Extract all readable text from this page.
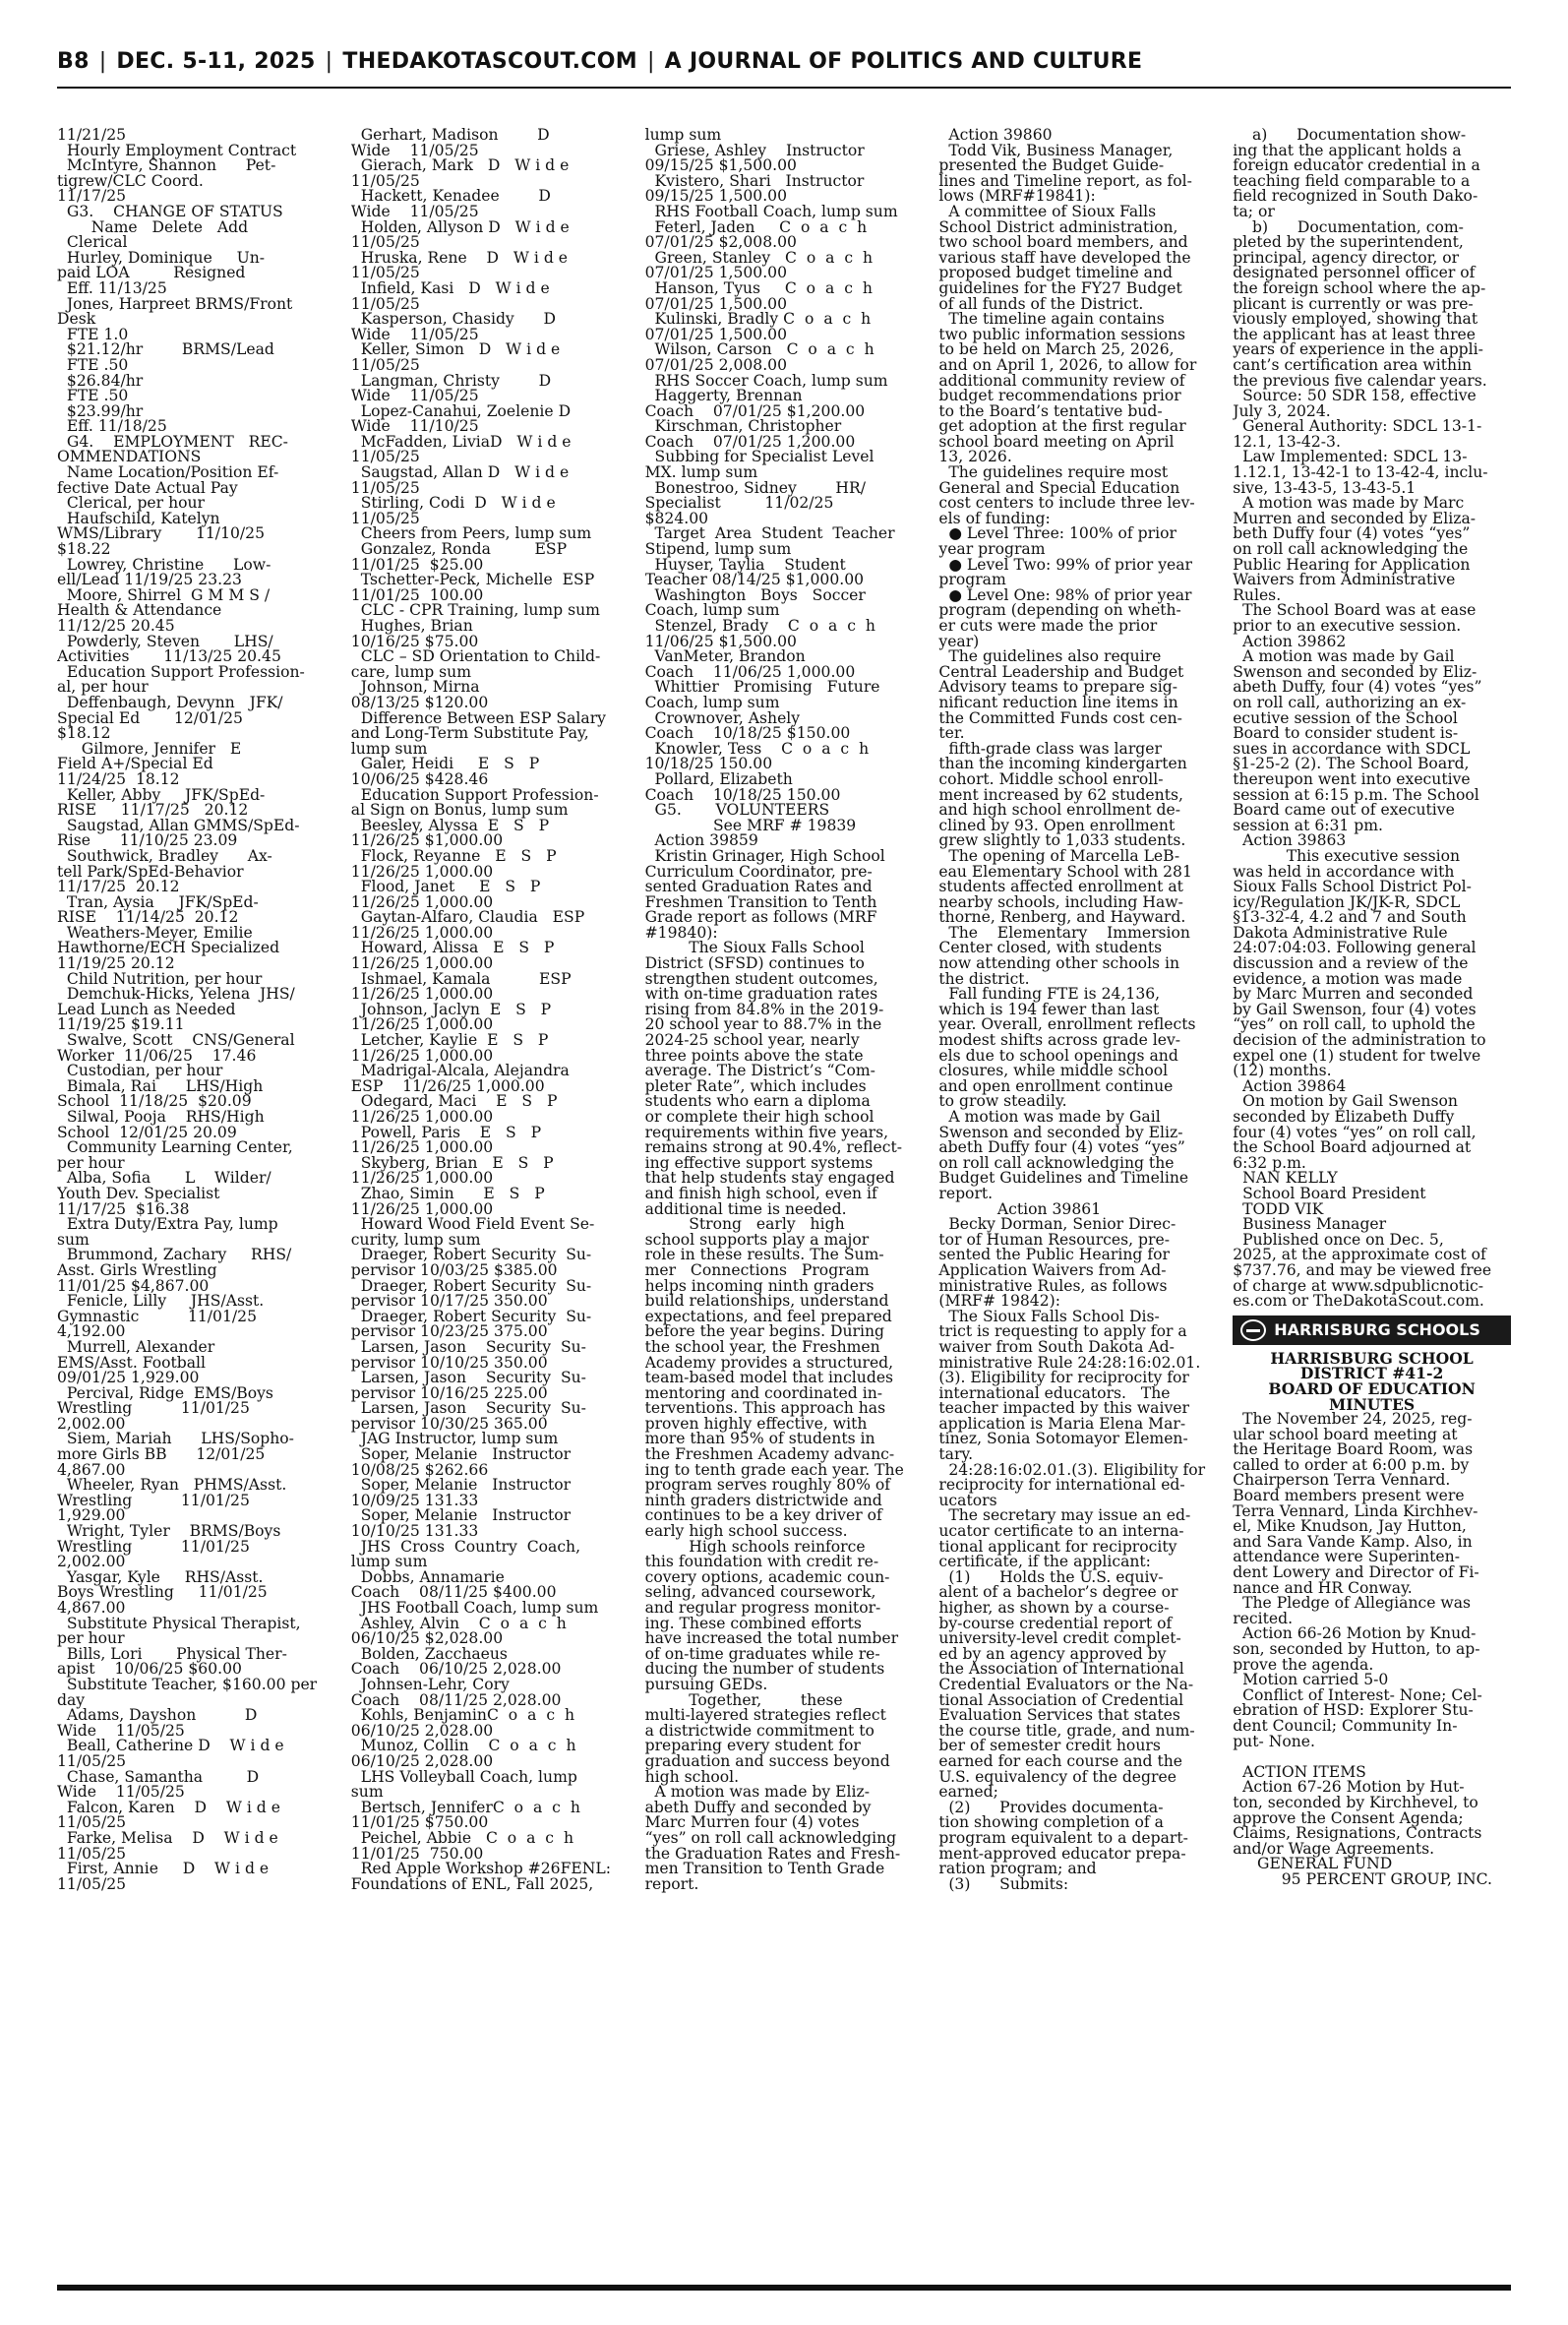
B8 | DEC. 5-11, 2025 | THEDAKOTASCOUT.COM | A JOURNAL OF POLITICS AND CULTURE
11/21/25
Hourly Employment Contract
McIntyre, Shannon      Pet-
tigrew/CLC Coord.
11/17/25
G3.    CHANGE OF STATUS
Name   Delete   Add
Clerical
Hurley, Dominique     Un-
paid LOA         Resigned
Eff. 11/13/25
Jones, Harpreet BRMS/Front
Desk
FTE 1.0
$21.12/hr        BRMS/Lead
FTE .50
$26.84/hr
FTE .50
$23.99/hr
Eff. 11/18/25
G4.    EMPLOYMENT   REC-
OMMENDATIONS
Name Location/Position Ef-
fective Date Actual Pay
Clerical, per hour
Haufschild, Katelyn
WMS/Library       11/10/25
$18.22
Lowrey, Christine      Low-
ell/Lead 11/19/25 23.23
Moore, Shirrel  G M M S /
Health & Attendance
11/12/25 20.45
Powderly, Steven       LHS/
Activities       11/13/25 20.45
Education Support Profession-
al, per hour
Deffenbaugh, Devynn   JFK/
Special Ed       12/01/25
$18.12
Gilmore, Jennifer   E
Field A+/Special Ed
11/24/25  18.12
Keller, Abby     JFK/SpEd-
RISE     11/17/25   20.12
Saugstad, Allan GMMS/SpEd-
Rise      11/10/25 23.09
Southwick, Bradley      Ax-
tell Park/SpEd-Behavior
11/17/25  20.12
Tran, Aysia     JFK/SpEd-
RISE    11/14/25  20.12
Weathers-Meyer, Emilie
Hawthorne/ECH Specialized
11/19/25 20.12
Child Nutrition, per hour
Demchuk-Hicks, Yelena  JHS/
Lead Lunch as Needed
11/19/25 $19.11
Swalve, Scott    CNS/General
Worker  11/06/25    17.46
Custodian, per hour
Bimala, Rai      LHS/High
School  11/18/25  $20.09
Silwal, Pooja    RHS/High
School  12/01/25 20.09
Community Learning Center,
per hour
Alba, Sofia       L    Wilder/
Youth Dev. Specialist
11/17/25  $16.38
Extra Duty/Extra Pay, lump
sum
Brummond, Zachary     RHS/
Asst. Girls Wrestling
11/01/25 $4,867.00
Fenicle, Lilly     JHS/Asst.
Gymnastic          11/01/25
4,192.00
Murrell, Alexander
EMS/Asst. Football
09/01/25 1,929.00
Percival, Ridge  EMS/Boys
Wrestling          11/01/25
2,002.00
Siem, Mariah      LHS/Sopho-
more Girls BB      12/01/25
4,867.00
Wheeler, Ryan   PHMS/Asst.
Wrestling          11/01/25
1,929.00
Wright, Tyler    BRMS/Boys
Wrestling          11/01/25
2,002.00
Yasgar, Kyle     RHS/Asst.
Boys Wrestling     11/01/25
4,867.00
Substitute Physical Therapist,
per hour
Bills, Lori       Physical Ther-
apist    10/06/25 $60.00
Substitute Teacher, $160.00 per
day
Adams, Dayshon          D
Wide    11/05/25
Beall, Catherine D    W i d e
11/05/25
Chase, Samantha         D
Wide    11/05/25
Falcon, Karen    D    W i d e
11/05/25
Farke, Melisa    D    W i d e
11/05/25
First, Annie     D    W i d e
11/05/25
Gerhart, Madison        D
Wide    11/05/25
Gierach, Mark   D   W i d e
11/05/25
Hackett, Kenadee        D
Wide    11/05/25
Holden, Allyson D   W i d e
11/05/25
Hruska, Rene    D   W i d e
11/05/25
Infield, Kasi   D   W i d e
11/05/25
Kasperson, Chasidy      D
Wide    11/05/25
Keller, Simon   D   W i d e
11/05/25
Langman, Christy        D
Wide    11/05/25
Lopez-Canahui, Zoelenie D
Wide    11/10/25
McFadden, LiviaD   W i d e
11/05/25
Saugstad, Allan D   W i d e
11/05/25
Stirling, Codi  D   W i d e
11/05/25
Cheers from Peers, lump sum
Gonzalez, Ronda         ESP
11/01/25  $25.00
Tschetter-Peck, Michelle  ESP
11/01/25  100.00
CLC - CPR Training, lump sum
Hughes, Brian
10/16/25 $75.00
CLC – SD Orientation to Child-
care, lump sum
Johnson, Mirna
08/13/25 $120.00
Difference Between ESP Salary
and Long-Term Substitute Pay,
lump sum
Galer, Heidi     E   S   P
10/06/25 $428.46
Education Support Profession-
al Sign on Bonus, lump sum
Beesley, Alyssa  E   S   P
11/26/25 $1,000.00
Flock, Reyanne   E   S   P
11/26/25 1,000.00
Flood, Janet     E   S   P
11/26/25 1,000.00
Gaytan-Alfaro, Claudia   ESP
11/26/25 1,000.00
Howard, Alissa   E   S   P
11/26/25 1,000.00
Ishmael, Kamala          ESP
11/26/25 1,000.00
Johnson, Jaclyn  E   S   P
11/26/25 1,000.00
Letcher, Kaylie  E   S   P
11/26/25 1,000.00
Madrigal-Alcala, Alejandra
ESP    11/26/25 1,000.00
Odegard, Maci    E   S   P
11/26/25 1,000.00
Powell, Paris    E   S   P
11/26/25 1,000.00
Skyberg, Brian   E   S   P
11/26/25 1,000.00
Zhao, Simin      E   S   P
11/26/25 1,000.00
Howard Wood Field Event Se-
curity, lump sum
Draeger, Robert Security  Su-
pervisor 10/03/25 $385.00
Draeger, Robert Security  Su-
pervisor 10/17/25 350.00
Draeger, Robert Security  Su-
pervisor 10/23/25 375.00
Larsen, Jason    Security  Su-
pervisor 10/10/25 350.00
Larsen, Jason    Security  Su-
pervisor 10/16/25 225.00
Larsen, Jason    Security  Su-
pervisor 10/30/25 365.00
JAG Instructor, lump sum
Soper, Melanie   Instructor
10/08/25 $262.66
Soper, Melanie   Instructor
10/09/25 131.33
Soper, Melanie   Instructor
10/10/25 131.33
JHS  Cross  Country  Coach,
lump sum
Dobbs, Annamarie
Coach    08/11/25 $400.00
JHS Football Coach, lump sum
Ashley, Alvin    C  o  a  c  h
06/10/25 $2,028.00
Bolden, Zacchaeus
Coach    06/10/25 2,028.00
Johnsen-Lehr, Cory
Coach    08/11/25 2,028.00
Kohls, BenjaminC  o  a  c  h
06/10/25 2,028.00
Munoz, Collin    C  o  a  c  h
06/10/25 2,028.00
LHS Volleyball Coach, lump
sum
Bertsch, JenniferC  o  a  c  h
11/01/25 $750.00
Peichel, Abbie   C  o  a  c  h
11/01/25  750.00
Red Apple Workshop #26FENL:
Foundations of ENL, Fall 2025,
lump sum
Griese, Ashley    Instructor
09/15/25 $1,500.00
Kvistero, Shari   Instructor
09/15/25 1,500.00
RHS Football Coach, lump sum
Feterl, Jaden     C  o  a  c  h
07/01/25 $2,008.00
Green, Stanley   C  o  a  c  h
07/01/25 1,500.00
Hanson, Tyus     C  o  a  c  h
07/01/25 1,500.00
Kulinski, Bradly C  o  a  c  h
07/01/25 1,500.00
Wilson, Carson   C  o  a  c  h
07/01/25 2,008.00
RHS Soccer Coach, lump sum
Haggerty, Brennan
Coach    07/01/25 $1,200.00
Kirschman, Christopher
Coach    07/01/25 1,200.00
Subbing for Specialist Level
MX. lump sum
Bonestroo, Sidney        HR/
Specialist         11/02/25
$824.00
Target  Area  Student  Teacher
Stipend, lump sum
Huyser, Taylia    Student
Teacher 08/14/25 $1,000.00
Washington   Boys   Soccer
Coach, lump sum
Stenzel, Brady    C  o  a  c  h
11/06/25 $1,500.00
VanMeter, Brandon
Coach    11/06/25 1,000.00
Whittier   Promising   Future
Coach, lump sum
Crownover, Ashely
Coach    10/18/25 $150.00
Knowler, Tess    C  o  a  c  h
10/18/25 150.00
Pollard, Elizabeth
Coach    10/18/25 150.00
G5.       VOLUNTEERS
See MRF # 19839
Action 39859
Kristin Grinager, High School
Curriculum Coordinator, pre-
sented Graduation Rates and
Freshmen Transition to Tenth
Grade report as follows (MRF
#19840):
The Sioux Falls School
District (SFSD) continues to
strengthen student outcomes,
with on-time graduation rates
rising from 84.8% in the 2019-
20 school year to 88.7% in the
2024-25 school year, nearly
three points above the state
average. The District’s “Com-
pleter Rate”, which includes
students who earn a diploma
or complete their high school
requirements within five years,
remains strong at 90.4%, reflect-
ing effective support systems
that help students stay engaged
and finish high school, even if
additional time is needed.
Strong   early   high
school supports play a major
role in these results. The Sum-
mer   Connections   Program
helps incoming ninth graders
build relationships, understand
expectations, and feel prepared
before the year begins. During
the school year, the Freshmen
Academy provides a structured,
team-based model that includes
mentoring and coordinated in-
terventions. This approach has
proven highly effective, with
more than 95% of students in
the Freshmen Academy advanc-
ing to tenth grade each year. The
program serves roughly 80% of
ninth graders districtwide and
continues to be a key driver of
early high school success.
High schools reinforce
this foundation with credit re-
covery options, academic coun-
seling, advanced coursework,
and regular progress monitor-
ing. These combined efforts
have increased the total number
of on-time graduates while re-
ducing the number of students
pursuing GEDs.
Together,        these
multi-layered strategies reflect
a districtwide commitment to
preparing every student for
graduation and success beyond
high school.
A motion was made by Eliz-
abeth Duffy and seconded by
Marc Murren four (4) votes
“yes” on roll call acknowledging
the Graduation Rates and Fresh-
men Transition to Tenth Grade
report.
Action 39860
Todd Vik, Business Manager,
presented the Budget Guide-
lines and Timeline report, as fol-
lows (MRF#19841):
A committee of Sioux Falls
School District administration,
two school board members, and
various staff have developed the
proposed budget timeline and
guidelines for the FY27 Budget
of all funds of the District.
The timeline again contains
two public information sessions
to be held on March 25, 2026,
and on April 1, 2026, to allow for
additional community review of
budget recommendations prior
to the Board’s tentative bud-
get adoption at the first regular
school board meeting on April
13, 2026.
The guidelines require most
General and Special Education
cost centers to include three lev-
els of funding:
● Level Three: 100% of prior
year program
● Level Two: 99% of prior year
program
● Level One: 98% of prior year
program (depending on wheth-
er cuts were made the prior
year)
The guidelines also require
Central Leadership and Budget
Advisory teams to prepare sig-
nificant reduction line items in
the Committed Funds cost cen-
ter.
fifth-grade class was larger
than the incoming kindergarten
cohort. Middle school enroll-
ment increased by 62 students,
and high school enrollment de-
clined by 93. Open enrollment
grew slightly to 1,033 students.
The opening of Marcella LeB-
eau Elementary School with 281
students affected enrollment at
nearby schools, including Haw-
thorne, Renberg, and Hayward.
The    Elementary    Immersion
Center closed, with students
now attending other schools in
the district.
Fall funding FTE is 24,136,
which is 194 fewer than last
year. Overall, enrollment reflects
modest shifts across grade lev-
els due to school openings and
closures, while middle school
and open enrollment continue
to grow steadily.
A motion was made by Gail
Swenson and seconded by Eliz-
abeth Duffy four (4) votes “yes”
on roll call acknowledging the
Budget Guidelines and Timeline
report.
Action 39861
Becky Dorman, Senior Direc-
tor of Human Resources, pre-
sented the Public Hearing for
Application Waivers from Ad-
ministrative Rules, as follows
(MRF# 19842):
The Sioux Falls School Dis-
trict is requesting to apply for a
waiver from South Dakota Ad-
ministrative Rule 24:28:16:02.01.
(3). Eligibility for reciprocity for
international educators.   The
teacher impacted by this waiver
application is Maria Elena Mar-
tinez, Sonia Sotomayor Elemen-
tary.
24:28:16:02.01.(3). Eligibility for
reciprocity for international ed-
ucators
The secretary may issue an ed-
ucator certificate to an interna-
tional applicant for reciprocity
certificate, if the applicant:
(1)      Holds the U.S. equiv-
alent of a bachelor’s degree or
higher, as shown by a course-
by-course credential report of
university-level credit complet-
ed by an agency approved by
the Association of International
Credential Evaluators or the Na-
tional Association of Credential
Evaluation Services that states
the course title, grade, and num-
ber of semester credit hours
earned for each course and the
U.S. equivalency of the degree
earned;
(2)      Provides documenta-
tion showing completion of a
program equivalent to a depart-
ment-approved educator prepa-
ration program; and
(3)      Submits:
a)      Documentation show-
ing that the applicant holds a
foreign educator credential in a
teaching field comparable to a
field recognized in South Dako-
ta; or
b)      Documentation, com-
pleted by the superintendent,
principal, agency director, or
designated personnel officer of
the foreign school where the ap-
plicant is currently or was pre-
viously employed, showing that
the applicant has at least three
years of experience in the appli-
cant’s certification area within
the previous five calendar years.
Source: 50 SDR 158, effective
July 3, 2024.
General Authority: SDCL 13-1-
12.1, 13-42-3.
Law Implemented: SDCL 13-
1.12.1, 13-42-1 to 13-42-4, inclu-
sive, 13-43-5, 13-43-5.1
A motion was made by Marc
Murren and seconded by Eliza-
beth Duffy four (4) votes “yes”
on roll call acknowledging the
Public Hearing for Application
Waivers from Administrative
Rules.
The School Board was at ease
prior to an executive session.
Action 39862
A motion was made by Gail
Swenson and seconded by Eliz-
abeth Duffy, four (4) votes “yes”
on roll call, authorizing an ex-
ecutive session of the School
Board to consider student is-
sues in accordance with SDCL
§1-25-2 (2). The School Board,
thereupon went into executive
session at 6:15 p.m. The School
Board came out of executive
session at 6:31 pm.
Action 39863
This executive session
was held in accordance with
Sioux Falls School District Pol-
icy/Regulation JK/JK-R, SDCL
§13-32-4, 4.2 and 7 and South
Dakota Administrative Rule
24:07:04:03. Following general
discussion and a review of the
evidence, a motion was made
by Marc Murren and seconded
by Gail Swenson, four (4) votes
“yes” on roll call, to uphold the
decision of the administration to
expel one (1) student for twelve
(12) months.
Action 39864
On motion by Gail Swenson
seconded by Elizabeth Duffy
four (4) votes “yes” on roll call,
the School Board adjourned at
6:32 p.m.
NAN KELLY
School Board President
TODD VIK
Business Manager
Published once on Dec. 5,
2025, at the approximate cost of
$737.76, and may be viewed free
of charge at www.sdpublicnotic-
es.com or TheDakotaScout.com.
HARRISBURG SCHOOLS
HARRISBURG SCHOOL
DISTRICT #41-2
BOARD OF EDUCATION
MINUTES
The November 24, 2025, reg-
ular school board meeting at
the Heritage Board Room, was
called to order at 6:00 p.m. by
Chairperson Terra Vennard.
Board members present were
Terra Vennard, Linda Kirchhev-
el, Mike Knudson, Jay Hutton,
and Sara Vande Kamp. Also, in
attendance were Superinten-
dent Lowery and Director of Fi-
nance and HR Conway.
The Pledge of Allegiance was
recited.
Action 66-26 Motion by Knud-
son, seconded by Hutton, to ap-
prove the agenda.
Motion carried 5-0
Conflict of Interest- None; Cel-
ebration of HSD: Explorer Stu-
dent Council; Community In-
put- None.

ACTION ITEMS
Action 67-26 Motion by Hut-
ton, seconded by Kirchhevel, to
approve the Consent Agenda;
Claims, Resignations, Contracts
and/or Wage Agreements.
GENERAL FUND
95 PERCENT GROUP, INC.
